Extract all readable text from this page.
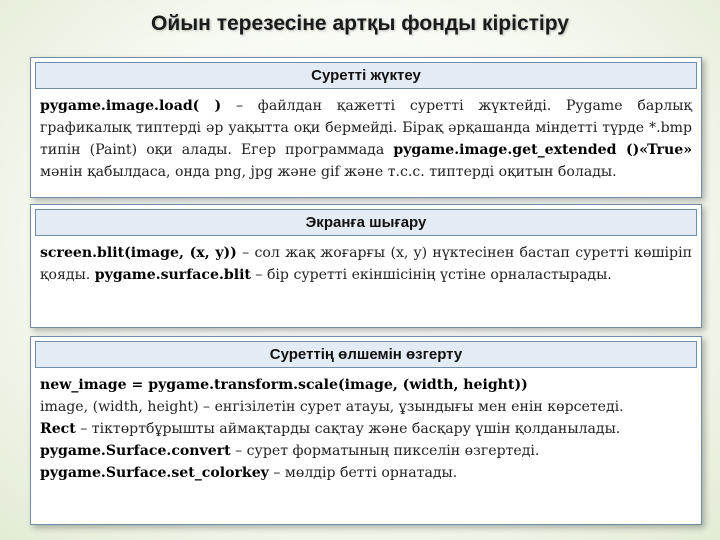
Ойын терезесіне артқы фонды кірістіру
Суретті жүктеу

pygame.image.load( ) – файлдан қажетті суретті жүктейді. Pygame барлық графикалық типтерді әр уақытта оқи бермейді. Бірақ әрқашанда міндетті түрде *.bmp типін (Paint) оқи алады. Егер программада pygame.image.get_extended ()«True» мәнін қабылдаса, онда png, jpg және gif және т.с.с. типтерді оқитын болады.

Экранға шығару

screen.blit(image, (x, y)) – сол жақ жоғарғы (x, y) нүктесінен бастап суретті көшіріп қояды. pygame.surface.blit – бір суретті екіншісінің үстіне орналастырады.

Суреттің өлшемін өзгерту

new_image = pygame.transform.scale(image, (width, height))

image, (width, height) – енгізілетін сурет атауы, ұзындығы мен енін көрсетеді.

Rect – тіктөртбұрышты аймақтарды сақтау және басқару үшін қолданылады.

pygame.Surface.convert – сурет форматының пикселін өзгертеді.

pygame.Surface.set_colorkey – мөлдір бетті орнатады.
